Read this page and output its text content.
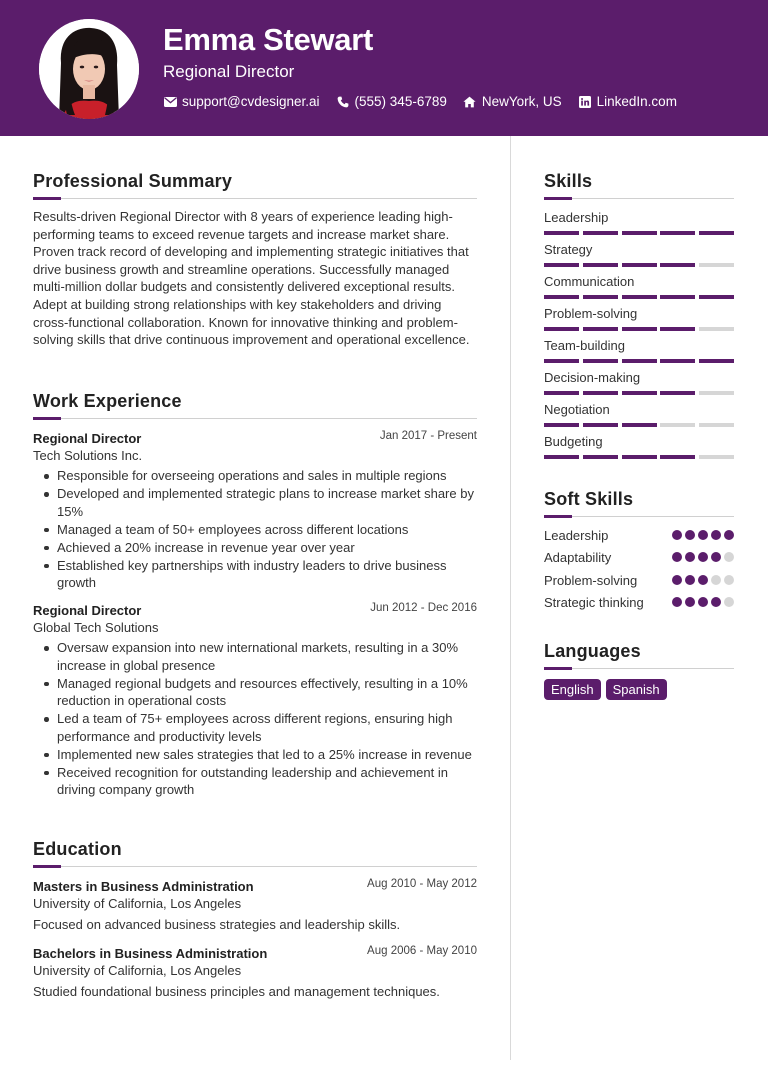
Emma Stewart
Regional Director
support@cvdesigner.ai	(555) 345-6789	NewYork, US	LinkedIn.com
Professional Summary
Results-driven Regional Director with 8 years of experience leading high-performing teams to exceed revenue targets and increase market share. Proven track record of developing and implementing strategic initiatives that drive business growth and streamline operations. Successfully managed multi-million dollar budgets and consistently delivered exceptional results. Adept at building strong relationships with key stakeholders and driving cross-functional collaboration. Known for innovative thinking and problem-solving skills that drive continuous improvement and operational excellence.
Work Experience
Regional Director	Jan 2017 - Present
Tech Solutions Inc.
Responsible for overseeing operations and sales in multiple regions
Developed and implemented strategic plans to increase market share by 15%
Managed a team of 50+ employees across different locations
Achieved a 20% increase in revenue year over year
Established key partnerships with industry leaders to drive business growth
Regional Director	Jun 2012 - Dec 2016
Global Tech Solutions
Oversaw expansion into new international markets, resulting in a 30% increase in global presence
Managed regional budgets and resources effectively, resulting in a 10% reduction in operational costs
Led a team of 75+ employees across different regions, ensuring high performance and productivity levels
Implemented new sales strategies that led to a 25% increase in revenue
Received recognition for outstanding leadership and achievement in driving company growth
Education
Masters in Business Administration	Aug 2010 - May 2012
University of California, Los Angeles
Focused on advanced business strategies and leadership skills.
Bachelors in Business Administration	Aug 2006 - May 2010
University of California, Los Angeles
Studied foundational business principles and management techniques.
Skills
Leadership
Strategy
Communication
Problem-solving
Team-building
Decision-making
Negotiation
Budgeting
Soft Skills
Leadership
Adaptability
Problem-solving
Strategic thinking
Languages
English	Spanish
